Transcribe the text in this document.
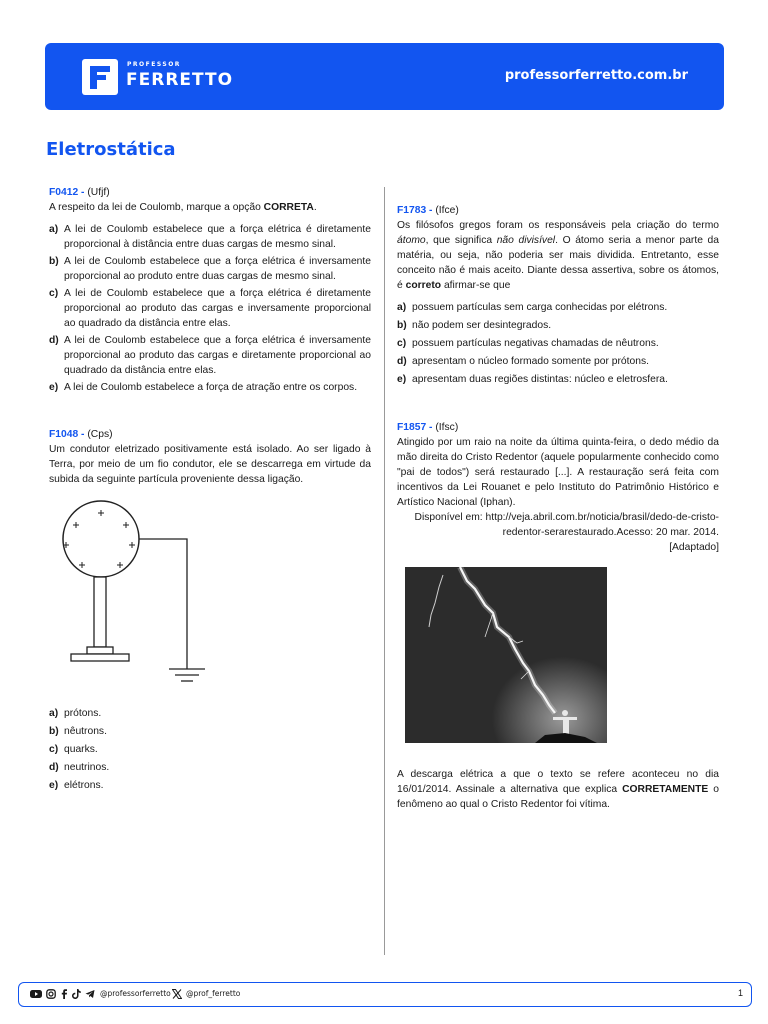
PROFESSOR
FERRETTO	professorferretto.com.br
Eletrostática
F0412 - (Ufjf)
A respeito da lei de Coulomb, marque a opção CORRETA.
a) A lei de Coulomb estabelece que a força elétrica é diretamente proporcional à distância entre duas cargas de mesmo sinal.
b) A lei de Coulomb estabelece que a força elétrica é inversamente proporcional ao produto entre duas cargas de mesmo sinal.
c) A lei de Coulomb estabelece que a força elétrica é diretamente proporcional ao produto das cargas e inversamente proporcional ao quadrado da distância entre elas.
d) A lei de Coulomb estabelece que a força elétrica é inversamente proporcional ao produto das cargas e diretamente proporcional ao quadrado da distância entre elas.
e) A lei de Coulomb estabelece a força de atração entre os corpos.
F1048 - (Cps)
Um condutor eletrizado positivamente está isolado. Ao ser ligado à Terra, por meio de um fio condutor, ele se descarrega em virtude da subida da seguinte partícula proveniente dessa ligação.
a) prótons.
b) nêutrons.
c) quarks.
d) neutrinos.
e) elétrons.
F1783 - (Ifce)
Os filósofos gregos foram os responsáveis pela criação do termo átomo, que significa não divisível. O átomo seria a menor parte da matéria, ou seja, não poderia ser mais dividida. Entretanto, esse conceito não é mais aceito. Diante dessa assertiva, sobre os átomos, é correto afirmar-se que
a) possuem partículas sem carga conhecidas por elétrons.
b) não podem ser desintegrados.
c) possuem partículas negativas chamadas de nêutrons.
d) apresentam o núcleo formado somente por prótons.
e) apresentam duas regiões distintas: núcleo e eletrosfera.
F1857 - (Ifsc)
Atingido por um raio na noite da última quinta-feira, o dedo médio da mão direita do Cristo Redentor (aquele popularmente conhecido como "pai de todos") será restaurado [...]. A restauração será feita com incentivos da Lei Rouanet e pelo Instituto do Patrimônio Histórico e Artístico Nacional (Iphan).
Disponível em: http://veja.abril.com.br/noticia/brasil/dedo-de-cristo-redentor-serarestaurado.Acesso: 20 mar. 2014.
[Adaptado]
A descarga elétrica a que o texto se refere aconteceu no dia 16/01/2014. Assinale a alternativa que explica CORRETAMENTE o fenômeno ao qual o Cristo Redentor foi vítima.
@professorferretto @prof_ferretto	1
